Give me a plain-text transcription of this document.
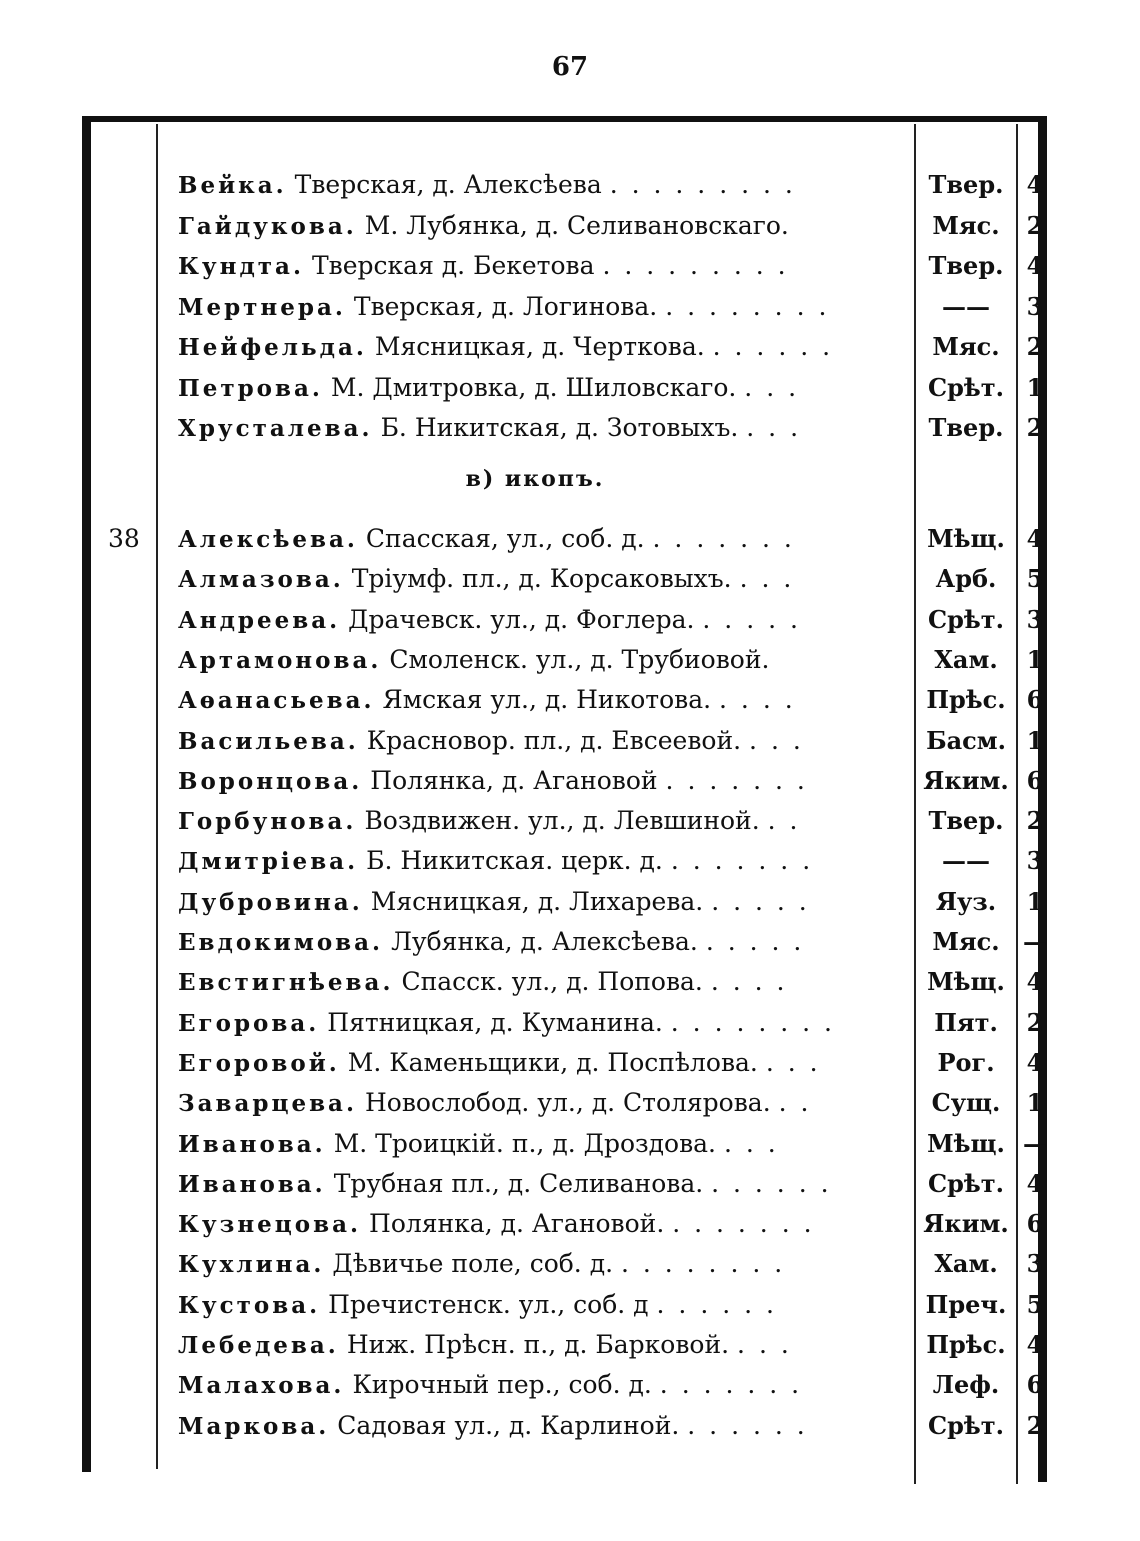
67
Вейка. Тверская, д. Алексѣева . . . . . . . . .	Твер. 4
Гайдукова. М. Лубянка, д. Селивановскаго.	Мяс.	2
Кундта. Тверская д. Бекетова . . . . . . . . .	Твер. 4
Мертнера. Тверская, д. Логинова. . . . . . . . .	——	3
Нейфельда. Мясницкая, д. Черткова. . . . . . .	Мяс.	2
Петрова. М. Дмитровка, д. Шиловскаго. . . .	Срѣт. 1
Хрусталева. Б. Никитская, д. Зотовыхъ. . . .	Твер. 2
в) икопъ.
38	Алексѣева. Спасская, ул., соб. д. . . . . . . .	Мѣщ. 4
Алмазова. Тріумф. пл., д. Корсаковыхъ. . . .	Арб.	5
Андреева. Драчевск. ул., д. Фоглера. . . . . .	Срѣт. 3
Артамонова. Смоленск. ул., д. Трубиовой.	Хам.	1
Аѳанасьева. Ямская ул., д. Никотова. . . . .	Прѣс. 6
Васильева. Красновор. пл., д. Евсеевой. . . .	Басм. 1
Воронцова. Полянка, д. Агановой . . . . . . .	Яким. 6
Горбунова. Воздвижен. ул., д. Левшиной. . .	Твер. 2
Дмитріева. Б. Никитская. церк. д. . . . . . . .	——	3
Дубровина. Мясницкая, д. Лихарева. . . . . .	Яуз.	1
Евдокимова. Лубянка, д. Алексѣева. . . . . .	Мяс. —
Евстигнѣева. Спасск. ул., д. Попова. . . . .	Мѣщ. 4
Егорова. Пятницкая, д. Куманина. . . . . . . . .	Пят.	2
Егоровой. М. Каменьщики, д. Поспѣлова. . . .	Рог.	4
Заварцева. Новослобод. ул., д. Столярова. . .	Сущ.	1
Иванова. М. Троицкій. п., д. Дроздова. . . .	Мѣщ. —
Иванова. Трубная пл., д. Селиванова. . . . . . .	Срѣт. 4
Кузнецова. Полянка, д. Агановой. . . . . . . .	Яким. 6
Кухлина. Дѣвичье поле, соб. д. . . . . . . . .	Хам.	3
Кустова. Пречистенск. ул., соб. д . . . . . .	Преч. 5
Лебедева. Ниж. Прѣсн. п., д. Барковой. . . .	Прѣс. 4
Малахова. Кирочный пер., соб. д. . . . . . . .	Леф.	6
Маркова. Садовая ул., д. Карлиной. . . . . . .	Срѣт. 2
